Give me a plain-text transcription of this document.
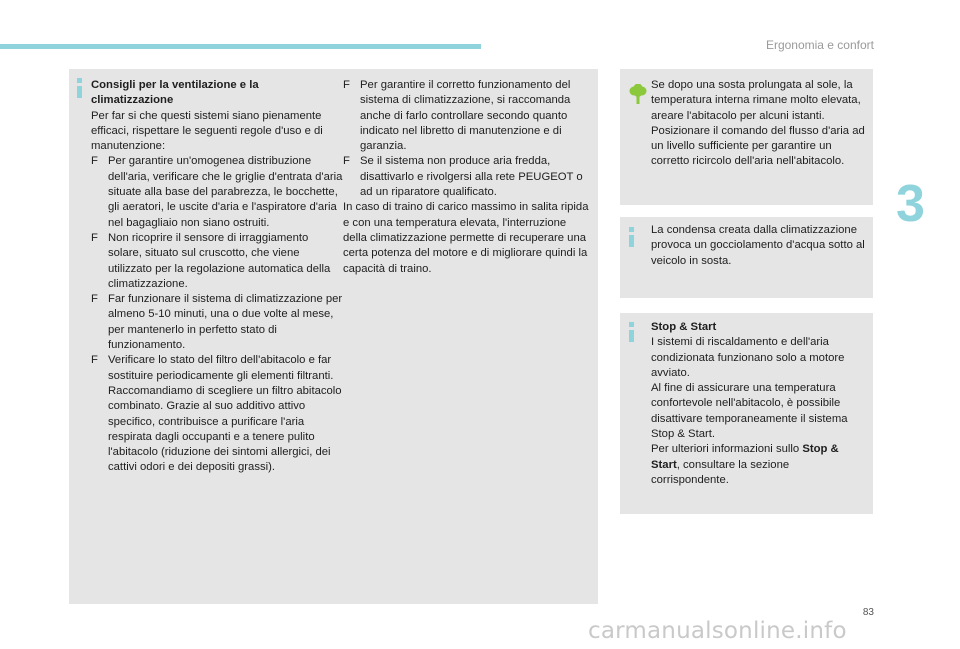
Ergonomia e confort
3

Consigli per la ventilazione e la

climatizzazione

Per far si che questi sistemi siano pienamente efficaci, rispettare le seguenti regole d'uso e di manutenzione:

F Per garantire un'omogenea distribuzione dell'aria, verificare che le griglie d'entrata d'aria situate alla base del parabrezza, le bocchette, gli aeratori, le uscite d'aria e l'aspiratore d'aria nel bagagliaio non siano ostruiti.

F Non ricoprire il sensore di irraggiamento solare, situato sul cruscotto, che viene utilizzato per la regolazione automatica della climatizzazione.

F Far funzionare il sistema di climatizzazione per almeno 5-10 minuti, una o due volte al mese, per mantenerlo in perfetto stato di funzionamento.

F Verificare lo stato del filtro dell'abitacolo e far sostituire periodicamente gli elementi filtranti. Raccomandiamo di scegliere un filtro abitacolo combinato. Grazie al suo additivo attivo specifico, contribuisce a purificare l'aria respirata dagli occupanti e a tenere pulito l'abitacolo (riduzione dei sintomi allergici, dei cattivi odori e dei depositi grassi).

F Per garantire il corretto funzionamento del sistema di climatizzazione, si raccomanda anche di farlo controllare secondo quanto indicato nel libretto di manutenzione e di garanzia.

F Se il sistema non produce aria fredda, disattivarlo e rivolgersi alla rete PEUGEOT o ad un riparatore qualificato.

In caso di traino di carico massimo in salita ripida e con una temperatura elevata, l'interruzione della climatizzazione permette di recuperare una certa potenza del motore e di migliorare quindi la capacità di traino.

Se dopo una sosta prolungata al sole, la temperatura interna rimane molto elevata, areare l'abitacolo per alcuni istanti.

Posizionare il comando del flusso d'aria ad un livello sufficiente per garantire un corretto ricircolo dell'aria nell'abitacolo.

La condensa creata dalla climatizzazione provoca un gocciolamento d'acqua sotto al veicolo in sosta.

Stop & Start

I sistemi di riscaldamento e dell'aria condizionata funzionano solo a motore avviato.

Al fine di assicurare una temperatura confortevole nell'abitacolo, è possibile disattivare temporaneamente il sistema Stop & Start.

Per ulteriori informazioni sullo Stop & Start, consultare la sezione corrispondente.

83
carmanualsonline.info
